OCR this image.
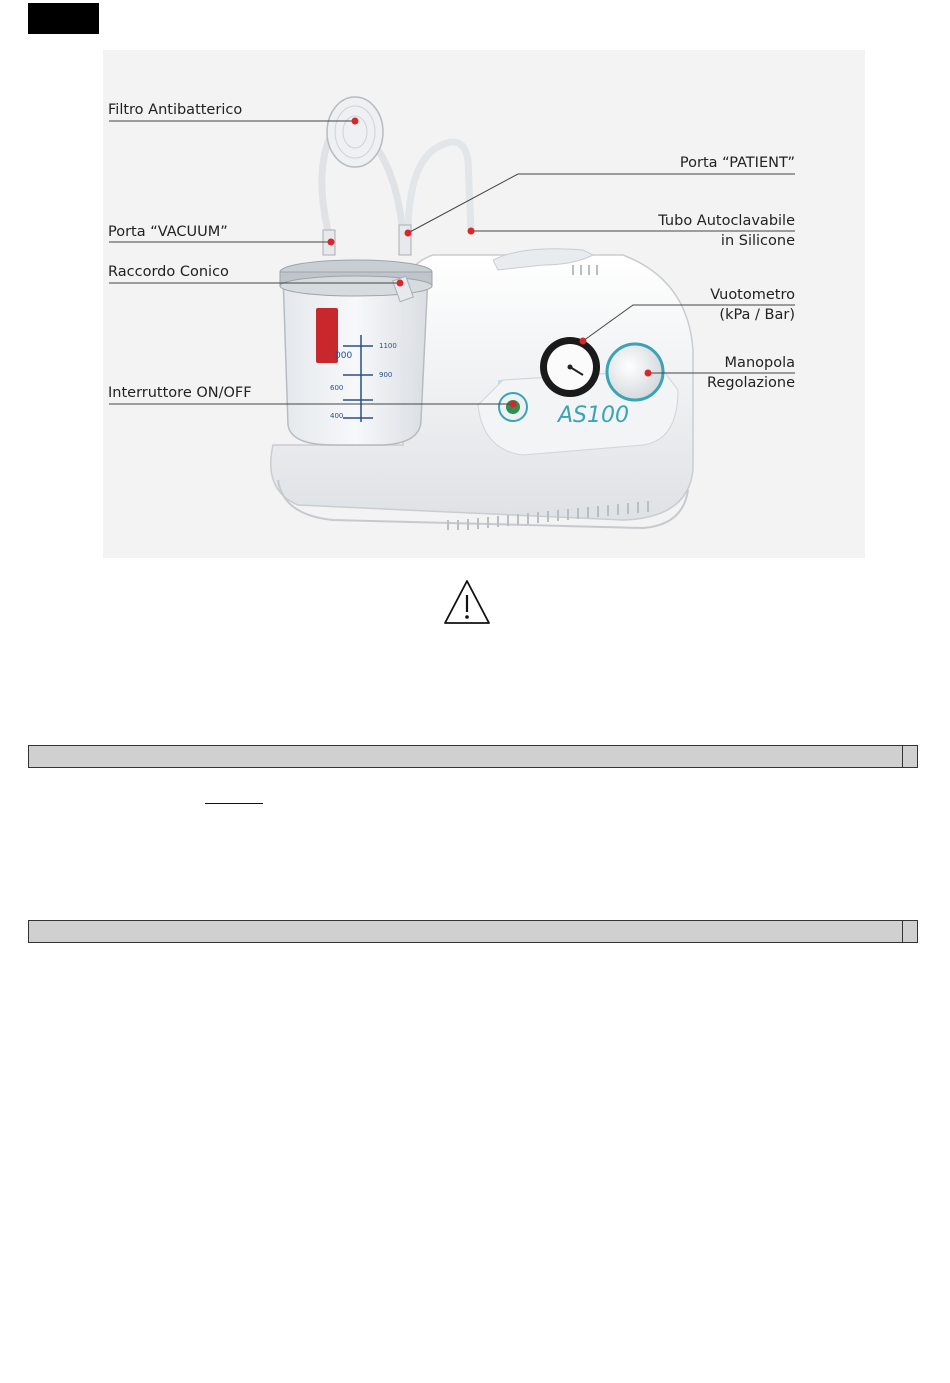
AS100
1100
900
600
400
000
Filtro Antibatterico
Porta “VACUUM”
Raccordo Conico
Interruttore ON/OFF
Porta “PATIENT”
Tubo Autoclavabile
in Silicone
Vuotometro
(kPa / Bar)
Manopola
Regolazione
